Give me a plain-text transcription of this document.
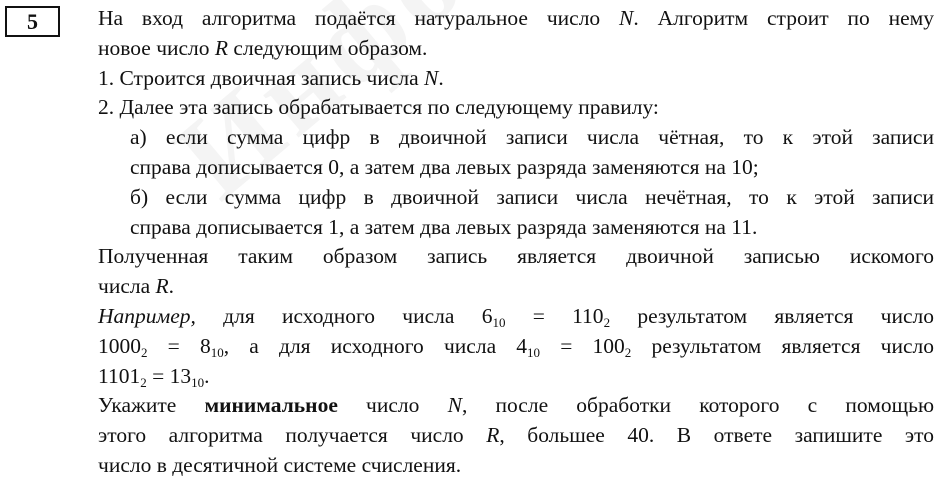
5	На вход алгоритма подаётся натуральное число N. Алгоритм строит по нему
новое число R следующим образом.
1. Строится двоичная запись числа N.
2. Далее эта запись обрабатывается по следующему правилу:
а) если сумма цифр в двоичной записи числа чётная, то к этой записи
справа дописывается 0, а затем два левых разряда заменяются на 10;
б) если сумма цифр в двоичной записи числа нечётная, то к этой записи
справа дописывается 1, а затем два левых разряда заменяются на 11.
Полученная таким образом запись является двоичной записью искомого
числа R.
Например, для исходного числа $6_{10} = 110_2$ результатом является число
$1000_2 = 8_{10}$, а для исходного числа $4_{10} = 100_2$ результатом является число
$1101_2 = 13_{10}$.
Укажите минимальное число N, после обработки которого с помощью
этого алгоритма получается число R, большее 40. В ответе запишите это
число в десятичной системе счисления.
